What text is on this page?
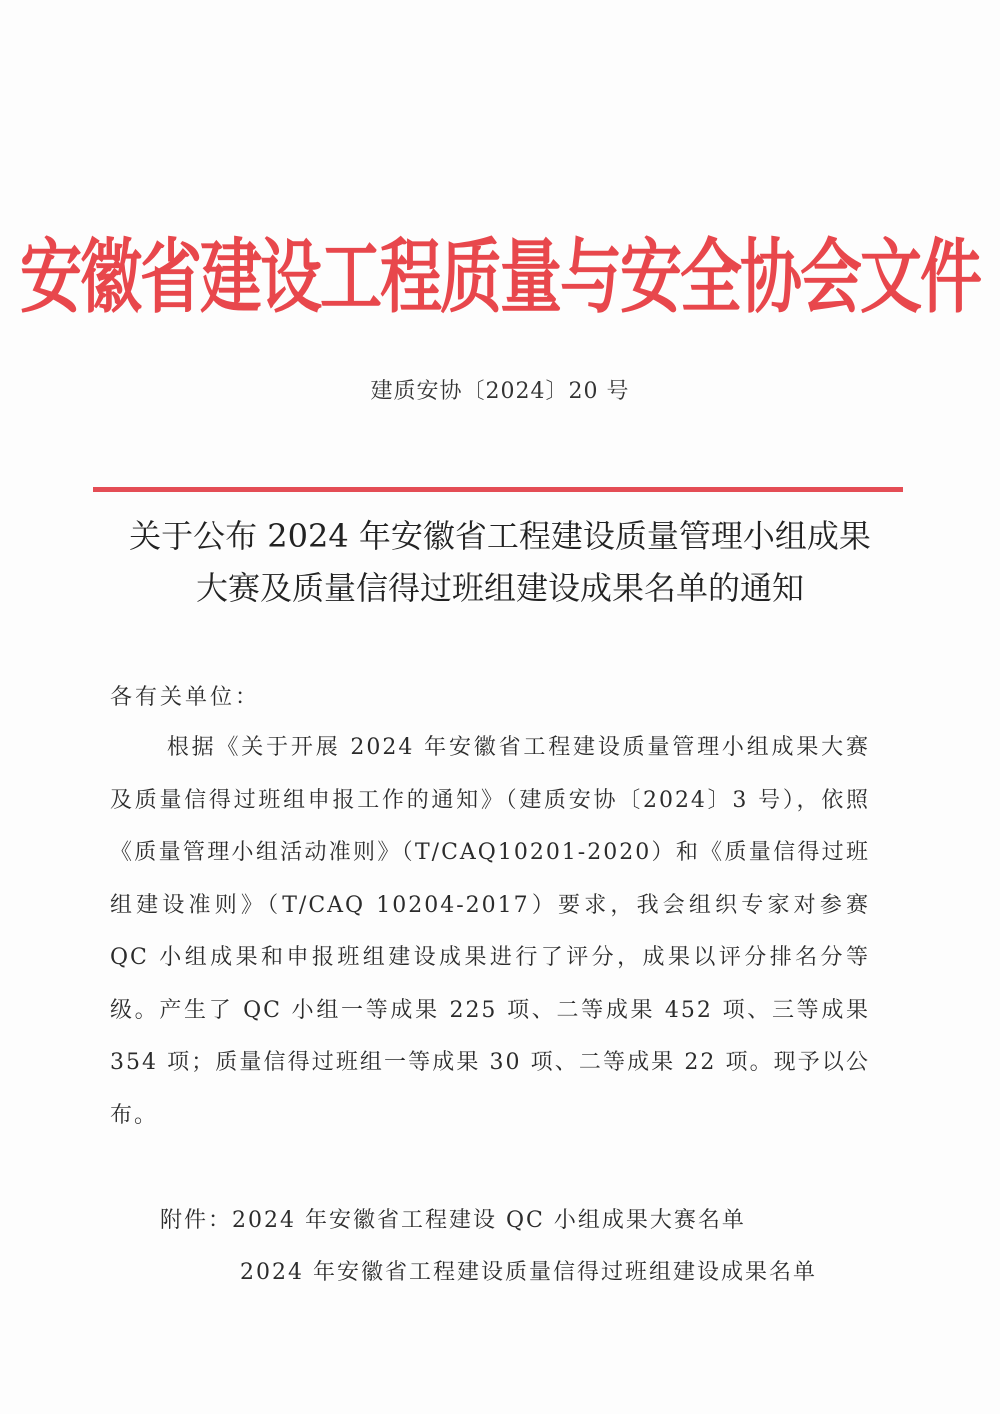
安徽省建设工程质量与安全协会文件
建质安协〔2024〕20 号
关于公布 2024 年安徽省工程建设质量管理小组成果
大赛及质量信得过班组建设成果名单的通知
各有关单位：
根据《关于开展 2024 年安徽省工程建设质量管理小组成果大赛及质量信得过班组申报工作的通知》（建质安协〔2024〕3 号），依照《质量管理小组活动准则》（T/CAQ10201-2020）和《质量信得过班组建设准则》（T/CAQ 10204-2017）要求，我会组织专家对参赛 QC 小组成果和申报班组建设成果进行了评分，成果以评分排名分等级。产生了 QC 小组一等成果 225 项、二等成果 452 项、三等成果 354 项；质量信得过班组一等成果 30 项、二等成果 22 项。现予以公布。
附件：2024 年安徽省工程建设 QC 小组成果大赛名单
2024 年安徽省工程建设质量信得过班组建设成果名单
